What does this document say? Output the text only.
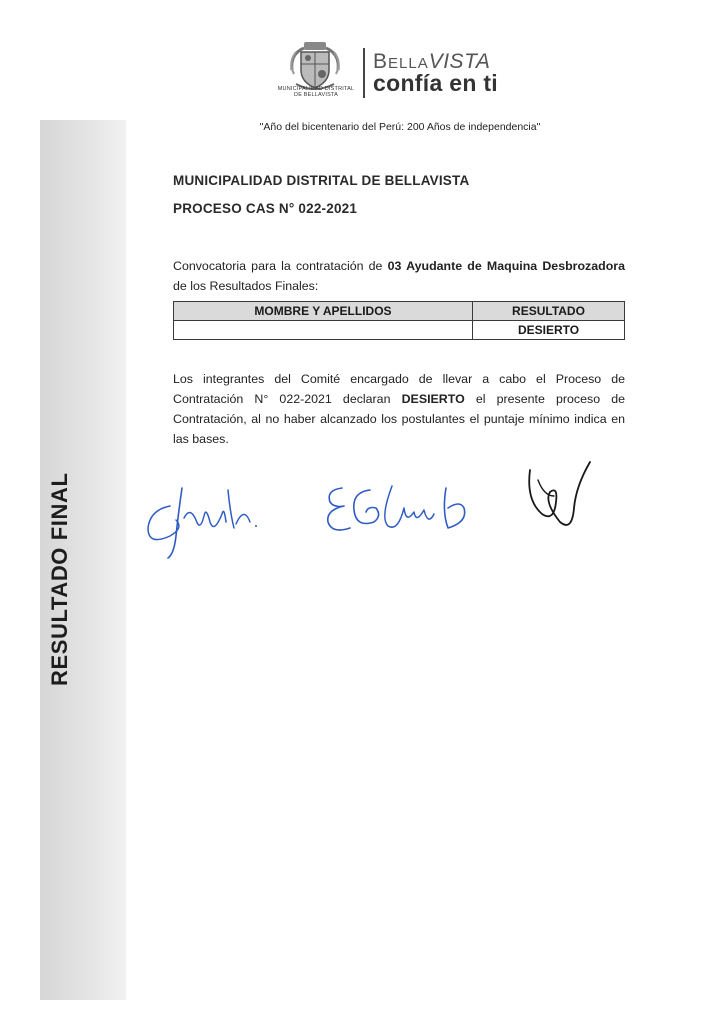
MUNICIPALIDAD DISTRITAL
DE BELLAVISTA
BELLAVISTA
confía en ti
"Año del bicentenario del Perú: 200 Años de independencia"
RESULTADO FINAL
MUNICIPALIDAD DISTRITAL DE BELLAVISTA
PROCESO CAS N° 022-2021
Convocatoria para la contratación de 03 Ayudante de Maquina Desbrozadora de los Resultados Finales:
MOMBRE Y APELLIDOS	RESULTADO
	DESIERTO
Los integrantes del Comité encargado de llevar a cabo el Proceso de Contratación N° 022-2021 declaran DESIERTO el presente proceso de Contratación, al no haber alcanzado los postulantes el puntaje mínimo indica en las bases.
